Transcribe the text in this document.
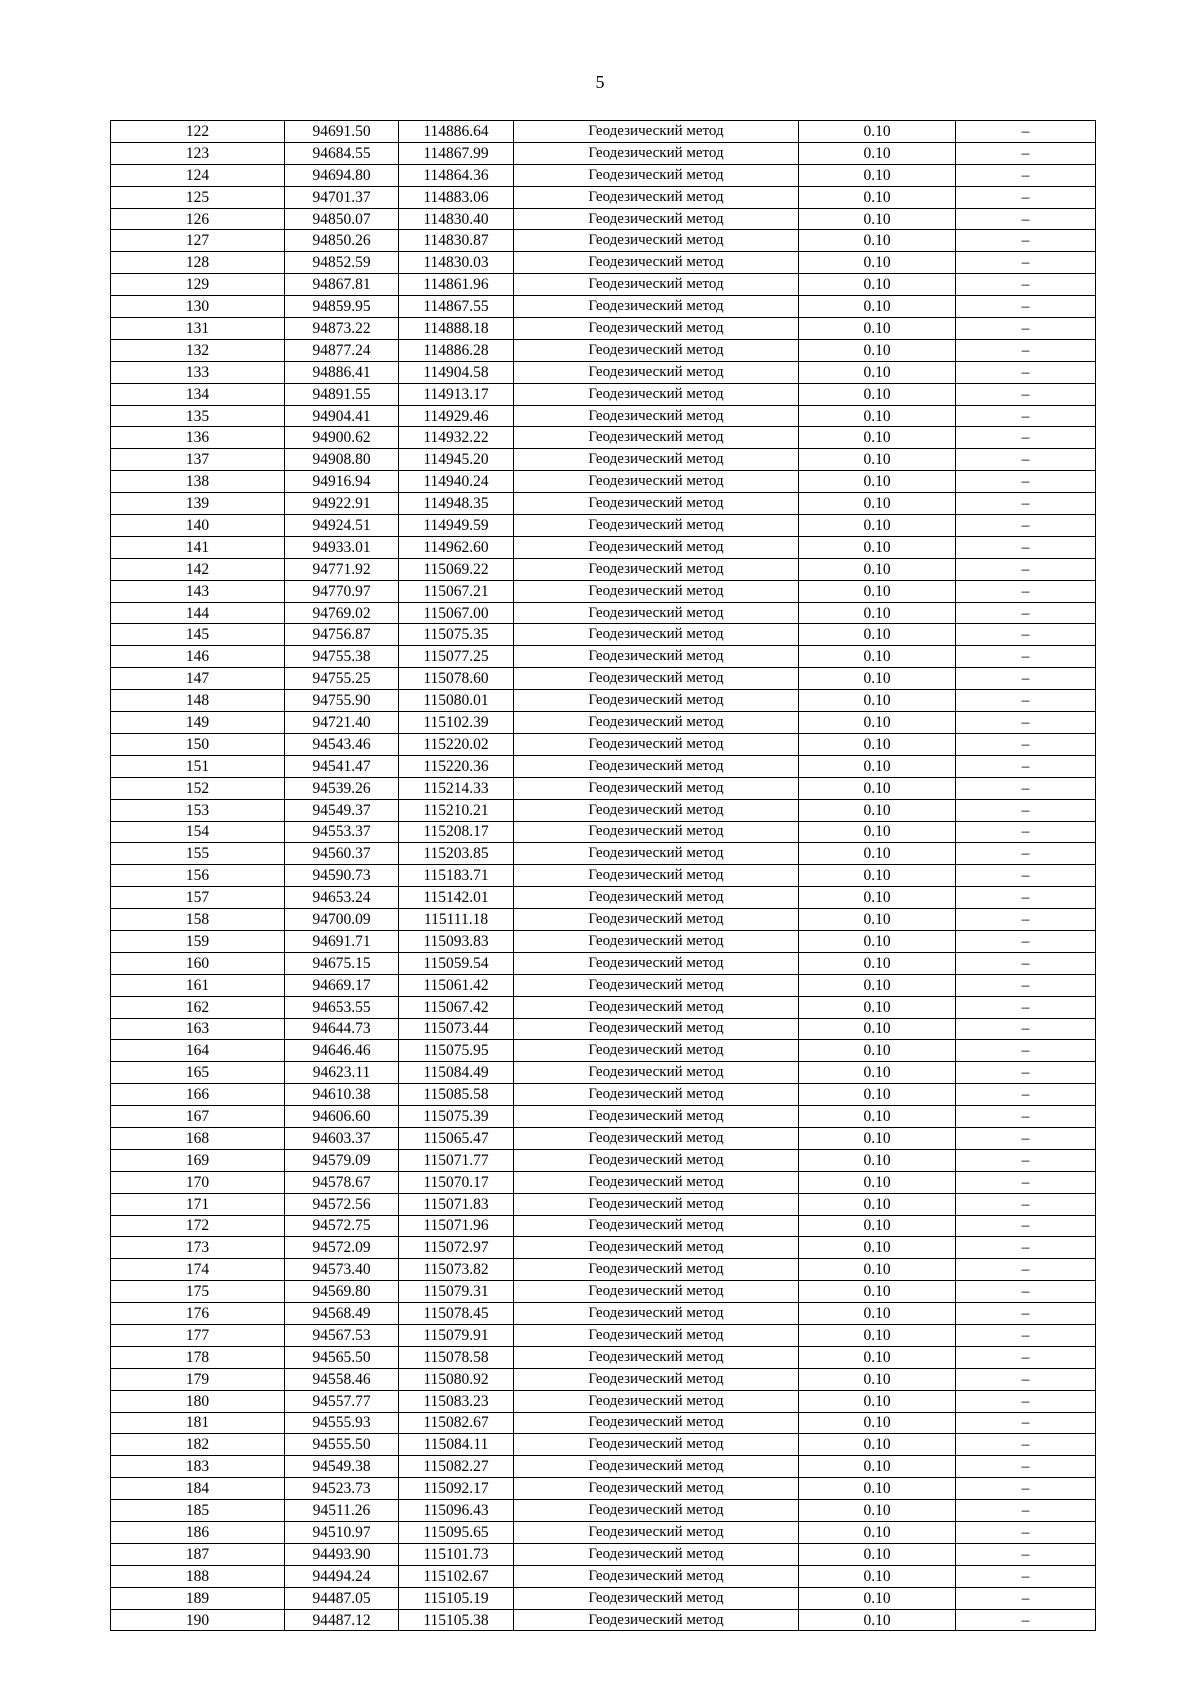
5
122	94691.50	114886.64	Геодезический метод	0.10	–
123	94684.55	114867.99	Геодезический метод	0.10	–
124	94694.80	114864.36	Геодезический метод	0.10	–
125	94701.37	114883.06	Геодезический метод	0.10	–
126	94850.07	114830.40	Геодезический метод	0.10	–
127	94850.26	114830.87	Геодезический метод	0.10	–
128	94852.59	114830.03	Геодезический метод	0.10	–
129	94867.81	114861.96	Геодезический метод	0.10	–
130	94859.95	114867.55	Геодезический метод	0.10	–
131	94873.22	114888.18	Геодезический метод	0.10	–
132	94877.24	114886.28	Геодезический метод	0.10	–
133	94886.41	114904.58	Геодезический метод	0.10	–
134	94891.55	114913.17	Геодезический метод	0.10	–
135	94904.41	114929.46	Геодезический метод	0.10	–
136	94900.62	114932.22	Геодезический метод	0.10	–
137	94908.80	114945.20	Геодезический метод	0.10	–
138	94916.94	114940.24	Геодезический метод	0.10	–
139	94922.91	114948.35	Геодезический метод	0.10	–
140	94924.51	114949.59	Геодезический метод	0.10	–
141	94933.01	114962.60	Геодезический метод	0.10	–
142	94771.92	115069.22	Геодезический метод	0.10	–
143	94770.97	115067.21	Геодезический метод	0.10	–
144	94769.02	115067.00	Геодезический метод	0.10	–
145	94756.87	115075.35	Геодезический метод	0.10	–
146	94755.38	115077.25	Геодезический метод	0.10	–
147	94755.25	115078.60	Геодезический метод	0.10	–
148	94755.90	115080.01	Геодезический метод	0.10	–
149	94721.40	115102.39	Геодезический метод	0.10	–
150	94543.46	115220.02	Геодезический метод	0.10	–
151	94541.47	115220.36	Геодезический метод	0.10	–
152	94539.26	115214.33	Геодезический метод	0.10	–
153	94549.37	115210.21	Геодезический метод	0.10	–
154	94553.37	115208.17	Геодезический метод	0.10	–
155	94560.37	115203.85	Геодезический метод	0.10	–
156	94590.73	115183.71	Геодезический метод	0.10	–
157	94653.24	115142.01	Геодезический метод	0.10	–
158	94700.09	115111.18	Геодезический метод	0.10	–
159	94691.71	115093.83	Геодезический метод	0.10	–
160	94675.15	115059.54	Геодезический метод	0.10	–
161	94669.17	115061.42	Геодезический метод	0.10	–
162	94653.55	115067.42	Геодезический метод	0.10	–
163	94644.73	115073.44	Геодезический метод	0.10	–
164	94646.46	115075.95	Геодезический метод	0.10	–
165	94623.11	115084.49	Геодезический метод	0.10	–
166	94610.38	115085.58	Геодезический метод	0.10	–
167	94606.60	115075.39	Геодезический метод	0.10	–
168	94603.37	115065.47	Геодезический метод	0.10	–
169	94579.09	115071.77	Геодезический метод	0.10	–
170	94578.67	115070.17	Геодезический метод	0.10	–
171	94572.56	115071.83	Геодезический метод	0.10	–
172	94572.75	115071.96	Геодезический метод	0.10	–
173	94572.09	115072.97	Геодезический метод	0.10	–
174	94573.40	115073.82	Геодезический метод	0.10	–
175	94569.80	115079.31	Геодезический метод	0.10	–
176	94568.49	115078.45	Геодезический метод	0.10	–
177	94567.53	115079.91	Геодезический метод	0.10	–
178	94565.50	115078.58	Геодезический метод	0.10	–
179	94558.46	115080.92	Геодезический метод	0.10	–
180	94557.77	115083.23	Геодезический метод	0.10	–
181	94555.93	115082.67	Геодезический метод	0.10	–
182	94555.50	115084.11	Геодезический метод	0.10	–
183	94549.38	115082.27	Геодезический метод	0.10	–
184	94523.73	115092.17	Геодезический метод	0.10	–
185	94511.26	115096.43	Геодезический метод	0.10	–
186	94510.97	115095.65	Геодезический метод	0.10	–
187	94493.90	115101.73	Геодезический метод	0.10	–
188	94494.24	115102.67	Геодезический метод	0.10	–
189	94487.05	115105.19	Геодезический метод	0.10	–
190	94487.12	115105.38	Геодезический метод	0.10	–
